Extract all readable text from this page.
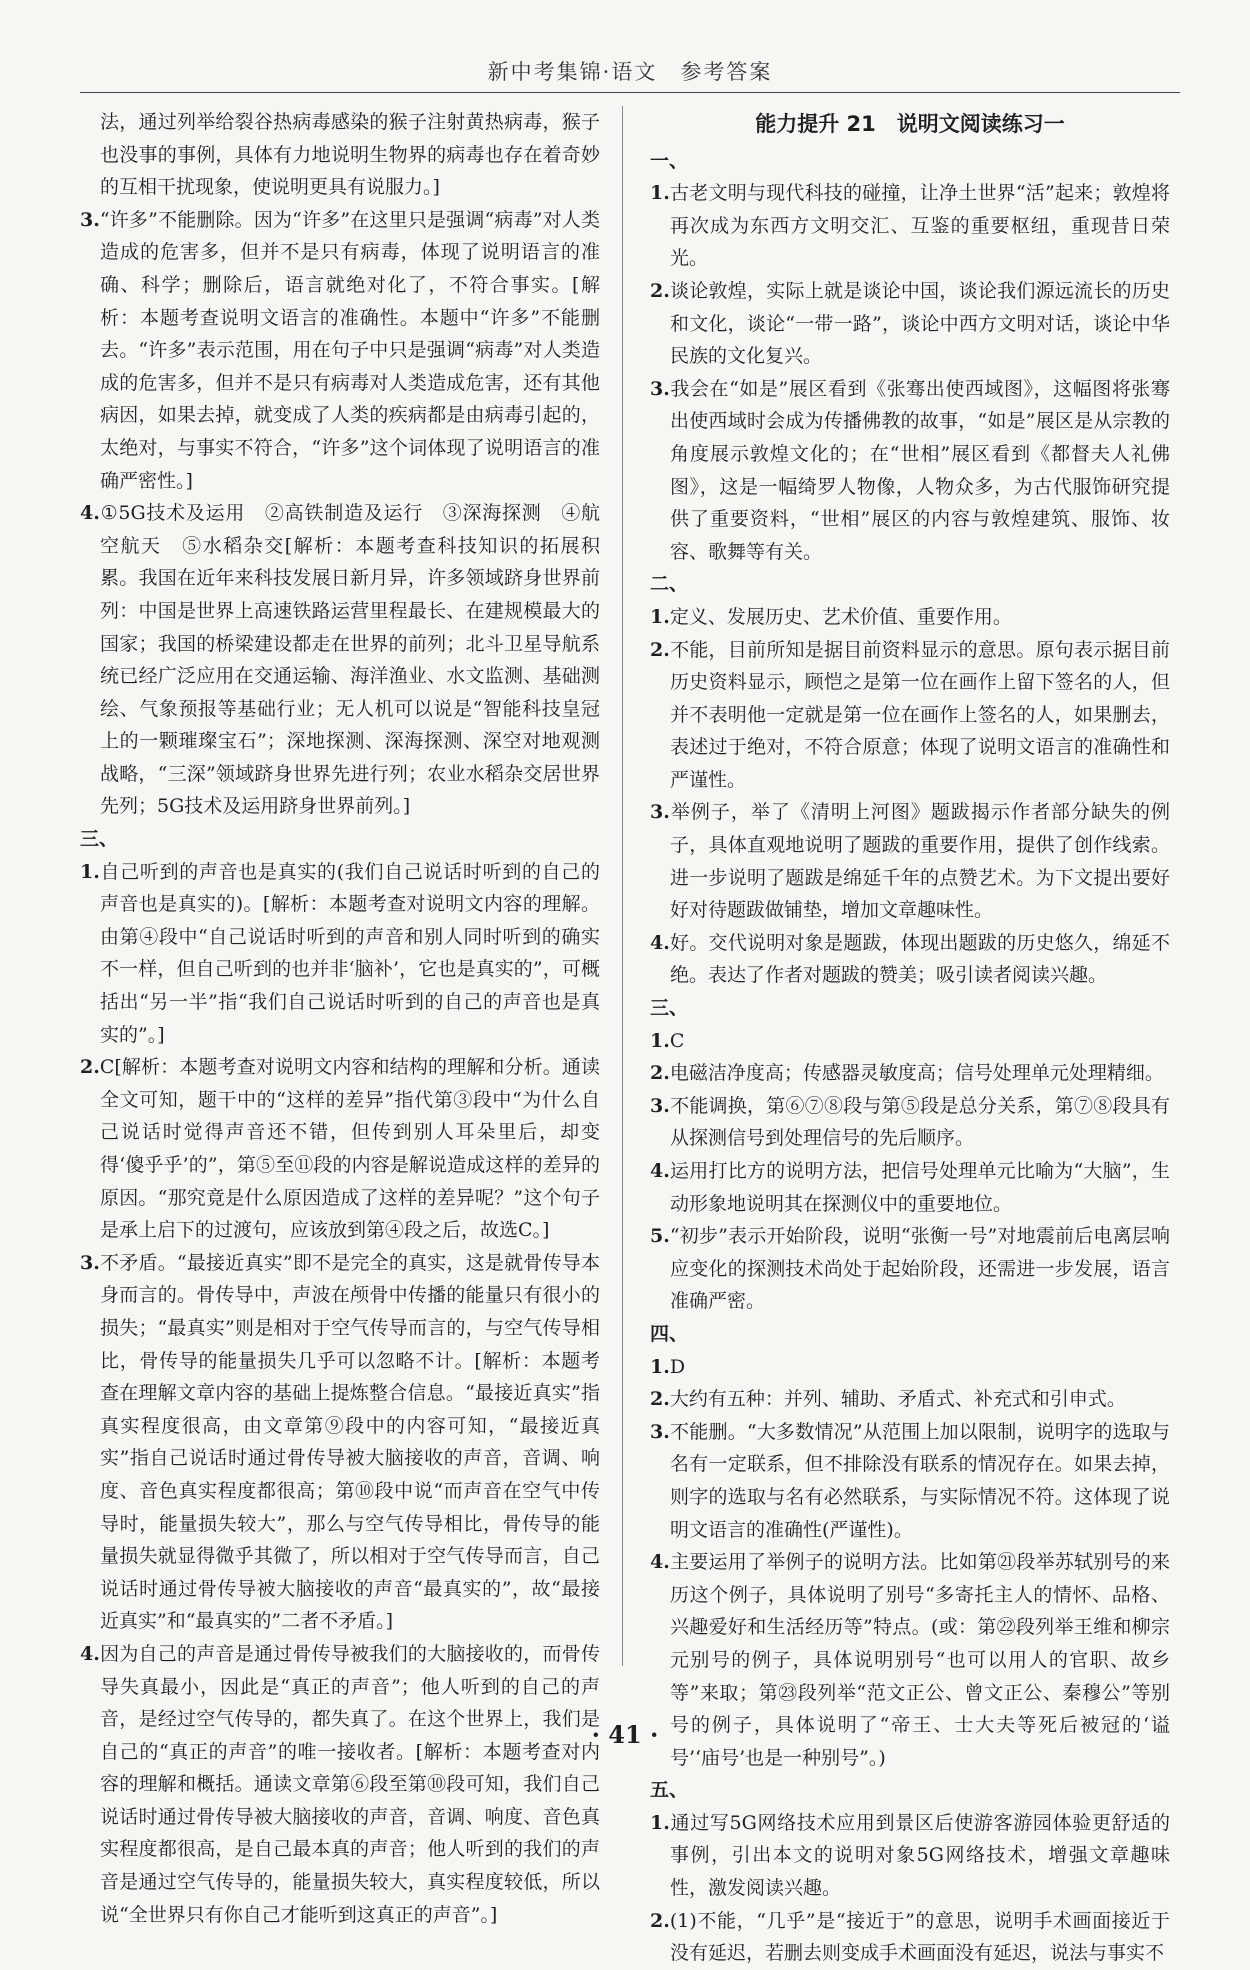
新中考集锦·语文　参考答案

法，通过列举给裂谷热病毒感染的猴子注射黄热病毒，猴子也没事的事例，具体有力地说明生物界的病毒也存在着奇妙的互相干扰现象，使说明更具有说服力。]

3.“许多”不能删除。因为“许多”在这里只是强调“病毒”对人类造成的危害多，但并不是只有病毒，体现了说明语言的准确、科学；删除后，语言就绝对化了，不符合事实。[解析：本题考查说明文语言的准确性。本题中“许多”不能删去。“许多”表示范围，用在句子中只是强调“病毒”对人类造成的危害多，但并不是只有病毒对人类造成危害，还有其他病因，如果去掉，就变成了人类的疾病都是由病毒引起的，太绝对，与事实不符合，“许多”这个词体现了说明语言的准确严密性。]

4.①5G技术及运用　②高铁制造及运行　③深海探测　④航空航天　⑤水稻杂交[解析：本题考查科技知识的拓展积累。我国在近年来科技发展日新月异，许多领域跻身世界前列：中国是世界上高速铁路运营里程最长、在建规模最大的国家；我国的桥梁建设都走在世界的前列；北斗卫星导航系统已经广泛应用在交通运输、海洋渔业、水文监测、基础测绘、气象预报等基础行业；无人机可以说是“智能科技皇冠上的一颗璀璨宝石”；深地探测、深海探测、深空对地观测战略，“三深”领域跻身世界先进行列；农业水稻杂交居世界先列；5G技术及运用跻身世界前列。]

三、

1.自己听到的声音也是真实的(我们自己说话时听到的自己的声音也是真实的)。[解析：本题考查对说明文内容的理解。由第④段中“自己说话时听到的声音和别人同时听到的确实不一样，但自己听到的也并非‘脑补’，它也是真实的”，可概括出“另一半”指“我们自己说话时听到的自己的声音也是真实的”。]

2.C[解析：本题考查对说明文内容和结构的理解和分析。通读全文可知，题干中的“这样的差异”指代第③段中“为什么自己说话时觉得声音还不错，但传到别人耳朵里后，却变得‘傻乎乎’的”，第⑤至⑪段的内容是解说造成这样的差异的原因。“那究竟是什么原因造成了这样的差异呢？”这个句子是承上启下的过渡句，应该放到第④段之后，故选C。]

3.不矛盾。“最接近真实”即不是完全的真实，这是就骨传导本身而言的。骨传导中，声波在颅骨中传播的能量只有很小的损失；“最真实”则是相对于空气传导而言的，与空气传导相比，骨传导的能量损失几乎可以忽略不计。[解析：本题考查在理解文章内容的基础上提炼整合信息。“最接近真实”指真实程度很高，由文章第⑨段中的内容可知，“最接近真实”指自己说话时通过骨传导被大脑接收的声音，音调、响度、音色真实程度都很高；第⑩段中说“而声音在空气中传导时，能量损失较大”，那么与空气传导相比，骨传导的能量损失就显得微乎其微了，所以相对于空气传导而言，自己说话时通过骨传导被大脑接收的声音“最真实的”，故“最接近真实”和“最真实的”二者不矛盾。]

4.因为自己的声音是通过骨传导被我们的大脑接收的，而骨传导失真最小，因此是“真正的声音”；他人听到的自己的声音，是经过空气传导的，都失真了。在这个世界上，我们是自己的“真正的声音”的唯一接收者。[解析：本题考查对内容的理解和概括。通读文章第⑥段至第⑩段可知，我们自己说话时通过骨传导被大脑接收的声音，音调、响度、音色真实程度都很高，是自己最本真的声音；他人听到的我们的声音是通过空气传导的，能量损失较大，真实程度较低，所以说“全世界只有你自己才能听到这真正的声音”。]

能力提升 21　说明文阅读练习一

一、

1.古老文明与现代科技的碰撞，让净土世界“活”起来；敦煌将再次成为东西方文明交汇、互鉴的重要枢纽，重现昔日荣光。

2.谈论敦煌，实际上就是谈论中国，谈论我们源远流长的历史和文化，谈论“一带一路”，谈论中西方文明对话，谈论中华民族的文化复兴。

3.我会在“如是”展区看到《张骞出使西域图》，这幅图将张骞出使西域时会成为传播佛教的故事，“如是”展区是从宗教的角度展示敦煌文化的；在“世相”展区看到《都督夫人礼佛图》，这是一幅绮罗人物像，人物众多，为古代服饰研究提供了重要资料，“世相”展区的内容与敦煌建筑、服饰、妆容、歌舞等有关。

二、

1.定义、发展历史、艺术价值、重要作用。

2.不能，目前所知是据目前资料显示的意思。原句表示据目前历史资料显示，顾恺之是第一位在画作上留下签名的人，但并不表明他一定就是第一位在画作上签名的人，如果删去，表述过于绝对，不符合原意；体现了说明文语言的准确性和严谨性。

3.举例子，举了《清明上河图》题跋揭示作者部分缺失的例子，具体直观地说明了题跋的重要作用，提供了创作线索。进一步说明了题跋是绵延千年的点赞艺术。为下文提出要好好对待题跋做铺垫，增加文章趣味性。

4.好。交代说明对象是题跋，体现出题跋的历史悠久，绵延不绝。表达了作者对题跋的赞美；吸引读者阅读兴趣。

三、

1.C

2.电磁洁净度高；传感器灵敏度高；信号处理单元处理精细。

3.不能调换，第⑥⑦⑧段与第⑤段是总分关系，第⑦⑧段具有从探测信号到处理信号的先后顺序。

4.运用打比方的说明方法，把信号处理单元比喻为“大脑”，生动形象地说明其在探测仪中的重要地位。

5.“初步”表示开始阶段，说明“张衡一号”对地震前后电离层响应变化的探测技术尚处于起始阶段，还需进一步发展，语言准确严密。

四、

1.D

2.大约有五种：并列、辅助、矛盾式、补充式和引申式。

3.不能删。“大多数情况”从范围上加以限制，说明字的选取与名有一定联系，但不排除没有联系的情况存在。如果去掉，则字的选取与名有必然联系，与实际情况不符。这体现了说明文语言的准确性(严谨性)。

4.主要运用了举例子的说明方法。比如第㉑段举苏轼别号的来历这个例子，具体说明了别号“多寄托主人的情怀、品格、兴趣爱好和生活经历等”特点。(或：第㉒段列举王维和柳宗元别号的例子，具体说明别号“也可以用人的官职、故乡等”来取；第㉓段列举“范文正公、曾文正公、秦穆公”等别号的例子，具体说明了“帝王、士大夫等死后被冠的‘谥号’‘庙号’也是一种别号”。)

五、

1.通过写5G网络技术应用到景区后使游客游园体验更舒适的事例，引出本文的说明对象5G网络技术，增强文章趣味性，激发阅读兴趣。

2.(1)不能，“几乎”是“接近于”的意思，说明手术画面接近于没有延迟，若删去则变成手术画面没有延迟，说法与事实不

· 41 ·
